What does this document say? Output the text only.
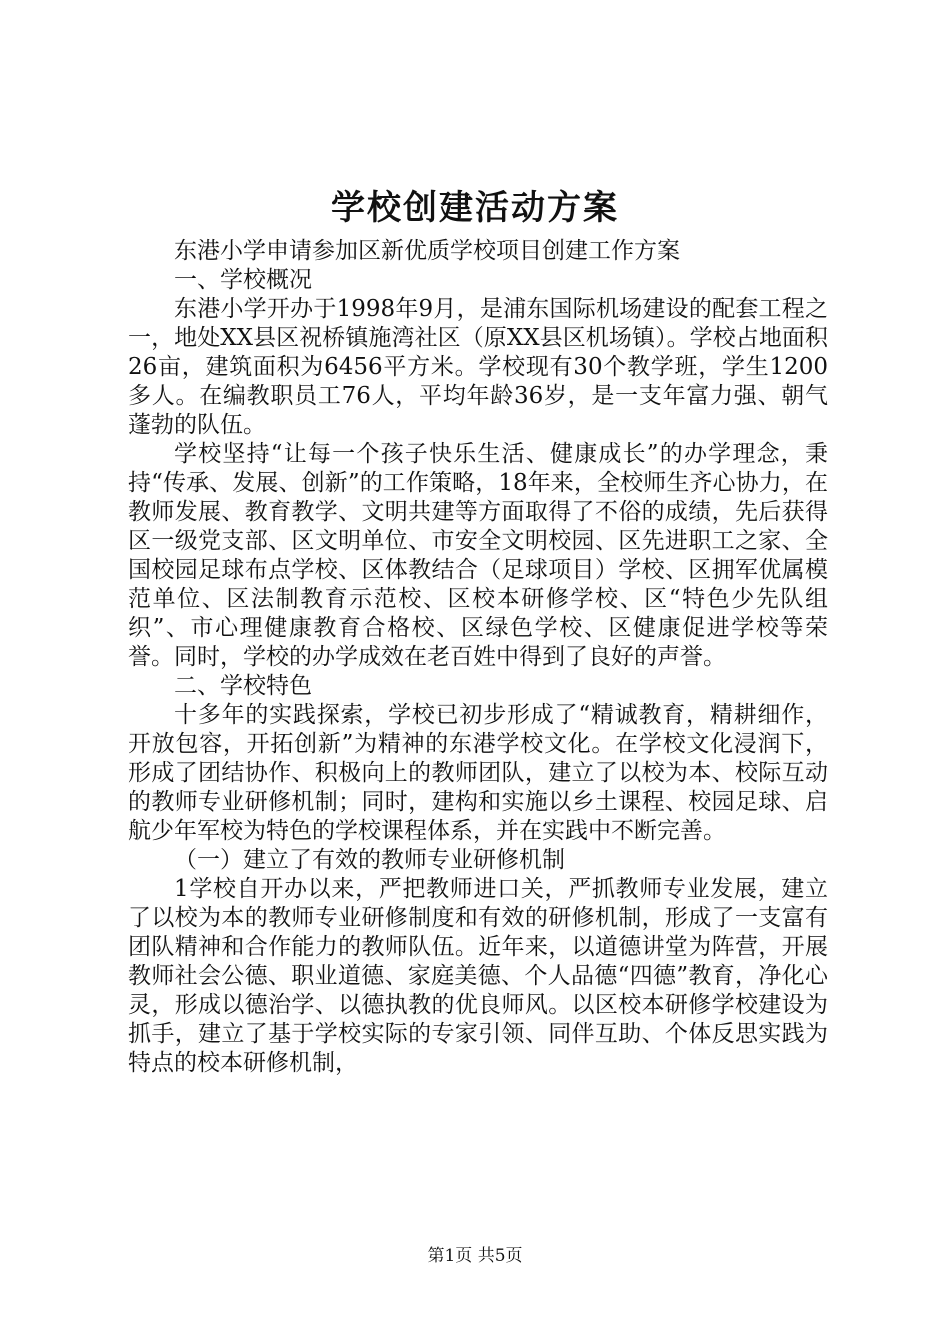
学校创建活动方案

东港小学申请参加区新优质学校项目创建工作方案

一、学校概况

东港小学开办于1998年9月，是浦东国际机场建设的配套工程之一，地处XX县区祝桥镇施湾社区（原XX县区机场镇）。学校占地面积26亩，建筑面积为6456平方米。学校现有30个教学班，学生1200多人。在编教职员工76人，平均年龄36岁，是一支年富力强、朝气蓬勃的队伍。

学校坚持“让每一个孩子快乐生活、健康成长”的办学理念，秉持“传承、发展、创新”的工作策略，18年来，全校师生齐心协力，在教师发展、教育教学、文明共建等方面取得了不俗的成绩，先后获得区一级党支部、区文明单位、市安全文明校园、区先进职工之家、全国校园足球布点学校、区体教结合（足球项目）学校、区拥军优属模范单位、区法制教育示范校、区校本研修学校、区“特色少先队组织”、市心理健康教育合格校、区绿色学校、区健康促进学校等荣誉。同时，学校的办学成效在老百姓中得到了良好的声誉。

二、学校特色

十多年的实践探索，学校已初步形成了“精诚教育，精耕细作，开放包容，开拓创新”为精神的东港学校文化。在学校文化浸润下，形成了团结协作、积极向上的教师团队，建立了以校为本、校际互动的教师专业研修机制；同时，建构和实施以乡土课程、校园足球、启航少年军校为特色的学校课程体系，并在实践中不断完善。

（一）建立了有效的教师专业研修机制

1学校自开办以来，严把教师进口关，严抓教师专业发展，建立了以校为本的教师专业研修制度和有效的研修机制，形成了一支富有团队精神和合作能力的教师队伍。近年来，以道德讲堂为阵营，开展教师社会公德、职业道德、家庭美德、个人品德“四德”教育，净化心灵，形成以德治学、以德执教的优良师风。以区校本研修学校建设为抓手，建立了基于学校实际的专家引领、同伴互助、个体反思实践为特点的校本研修机制，

第1页 共5页
